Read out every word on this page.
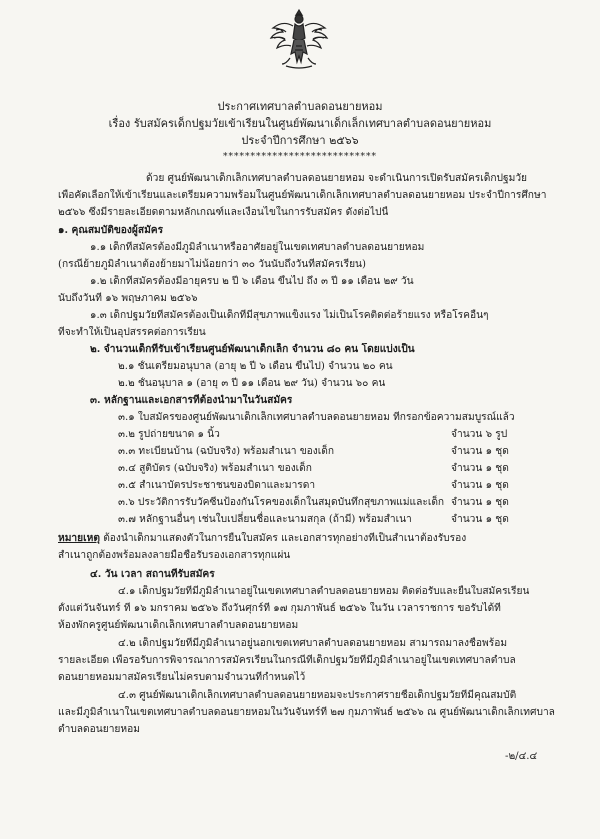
ประกาศเทศบาลตำบลดอนยายหอม
เรื่อง รับสมัครเด็กปฐมวัยเข้าเรียนในศูนย์พัฒนาเด็กเล็กเทศบาลตำบลดอนยายหอม
ประจำปีการศึกษา ๒๕๖๖
****************************
ด้วย ศูนย์พัฒนาเด็กเล็กเทศบาลตำบลดอนยายหอม จะดำเนินการเปิดรับสมัครเด็กปฐมวัย
เพื่อคัดเลือกให้เข้าเรียนและเตรียมความพร้อมในศูนย์พัฒนาเด็กเล็กเทศบาลตำบลดอนยายหอม ประจำปีการศึกษา
๒๕๖๖ ซึ่งมีรายละเอียดตามหลักเกณฑ์และเงื่อนไขในการรับสมัคร ดังต่อไปนี้
๑. คุณสมบัติของผู้สมัคร
๑.๑ เด็กที่สมัครต้องมีภูมิลำเนาหรืออาศัยอยู่ในเขตเทศบาลตำบลดอนยายหอม
(กรณีย้ายภูมิลำเนาต้องย้ายมาไม่น้อยกว่า ๓๐ วันนับถึงวันที่สมัครเรียน)
๑.๒ เด็กที่สมัครต้องมีอายุครบ ๒ ปี ๖ เดือน ขึ้นไป ถึง ๓ ปี ๑๑ เดือน ๒๙ วัน
นับถึงวันที่ ๑๖ พฤษภาคม ๒๕๖๖
๑.๓ เด็กปฐมวัยที่สมัครต้องเป็นเด็กที่มีสุขภาพแข็งแรง ไม่เป็นโรคติดต่อร้ายแรง หรือโรคอื่นๆ
ที่จะทำให้เป็นอุปสรรคต่อการเรียน
๒. จำนวนเด็กที่รับเข้าเรียนศูนย์พัฒนาเด็กเล็ก จำนวน ๘๐ คน โดยแบ่งเป็น
๒.๑ ชั้นเตรียมอนุบาล (อายุ ๒ ปี ๖ เดือน ขึ้นไป) จำนวน ๒๐ คน
๒.๒ ชั้นอนุบาล ๑ (อายุ ๓ ปี ๑๑ เดือน ๒๙ วัน) จำนวน ๖๐ คน
๓. หลักฐานและเอกสารที่ต้องนำมาในวันสมัคร
๓.๑ ใบสมัครของศูนย์พัฒนาเด็กเล็กเทศบาลตำบลดอนยายหอม ที่กรอกข้อความสมบูรณ์แล้ว
๓.๒ รูปถ่ายขนาด ๑ นิ้ว	จำนวน ๖ รูป
๓.๓ ทะเบียนบ้าน (ฉบับจริง) พร้อมสำเนา ของเด็ก	จำนวน ๑ ชุด
๓.๔ สูติบัตร (ฉบับจริง) พร้อมสำเนา ของเด็ก	จำนวน ๑ ชุด
๓.๕ สำเนาบัตรประชาชนของบิดาและมารดา	จำนวน ๑ ชุด
๓.๖ ประวัติการรับวัคซีนป้องกันโรคของเด็กในสมุดบันทึกสุขภาพแม่และเด็ก จำนวน ๑ ชุด
๓.๗ หลักฐานอื่นๆ เช่นใบเปลี่ยนชื่อและนามสกุล (ถ้ามี) พร้อมสำเนา	จำนวน ๑ ชุด
หมายเหตุ ต้องนำเด็กมาแสดงตัวในการยื่นใบสมัคร และเอกสารทุกอย่างที่เป็นสำเนาต้องรับรอง
สำเนาถูกต้องพร้อมลงลายมือชื่อรับรองเอกสารทุกแผ่น
๔. วัน เวลา สถานที่รับสมัคร
๔.๑ เด็กปฐมวัยที่มีภูมิลำเนาอยู่ในเขตเทศบาลตำบลดอนยายหอม ติดต่อรับและยื่นใบสมัครเรียน
ตั้งแต่วันจันทร์ ที่ ๑๖ มกราคม ๒๕๖๖ ถึงวันศุกร์ที่ ๑๗ กุมภาพันธ์ ๒๕๖๖ ในวัน เวลาราชการ ขอรับได้ที่
ห้องพักครูศูนย์พัฒนาเด็กเล็กเทศบาลตำบลดอนยายหอม
๔.๒ เด็กปฐมวัยที่มีภูมิลำเนาอยู่นอกเขตเทศบาลตำบลดอนยายหอม สามารถมาลงชื่อพร้อม
รายละเอียด เพื่อรอรับการพิจารณาการสมัครเรียนในกรณีที่เด็กปฐมวัยที่มีภูมิลำเนาอยู่ในเขตเทศบาลตำบล
ดอนยายหอมมาสมัครเรียนไม่ครบตามจำนวนที่กำหนดไว้
๔.๓ ศูนย์พัฒนาเด็กเล็กเทศบาลตำบลดอนยายหอมจะประกาศรายชื่อเด็กปฐมวัยที่มีคุณสมบัติ
และมีภูมิลำเนาในเขตเทศบาลตำบลดอนยายหอมในวันจันทร์ที่ ๒๗ กุมภาพันธ์ ๒๕๖๖ ณ ศูนย์พัฒนาเด็กเล็กเทศบาล
ตำบลดอนยายหอม
-๒/๔.๔
